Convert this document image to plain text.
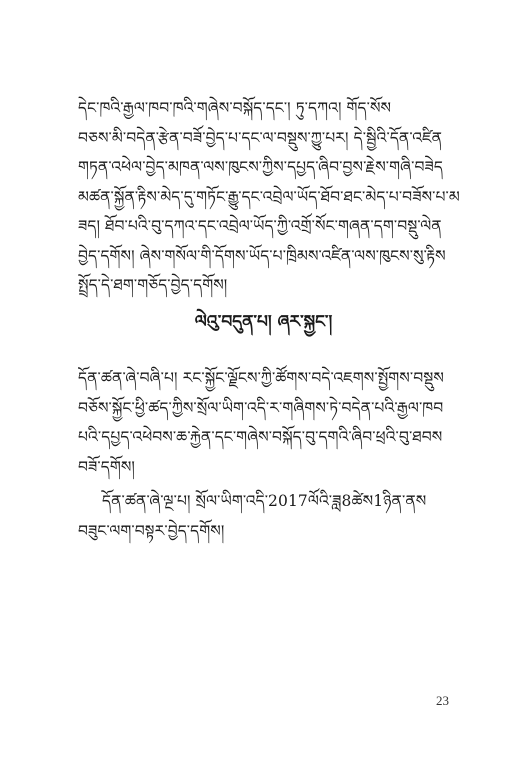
དེང་ཁའི་རྒྱལ་ཁབ་ཁའི་གཞེས་བསྐོད་དང་། ཏུ་དཀའ། གོད་སོས
བཅས་མི་བདེན་རྩེན་བཟོ་བྱེད་པ་དང་ལ་བསྡུས་ཀྱུ་པར། དེ་སྦྱིའི་དོན་འཛིན
གཏན་འཕེལ་བྱེད་མཁན་ལས་ཁུངས་ཀྱིས་དཔྱད་ཞིབ་བྱས་རྗེས་གཞི་བཟེད
མཚན་སྐྱོན་རྟིས་མེད་དུ་གཏོང་རྒྱུ་དང་འབྲེལ་ཡོད་ཐོབ་ཐང་མེད་པ་བཟོས་པ་མ
ཟད། ཐོབ་པའི་བུ་དཀའ་དང་འབྲེལ་ཡོད་ཀྱི་འགྲོ་སོང་གཞན་དག་བསྡུ་ལེན
བྱེད་དགོས། ཞེས་གསོལ་གི་དོགས་ཡོད་པ་ཁྲིམས་འཛིན་ལས་ཁུངས་སུ་རྟིས
སྤྲོད་དེ་ཐག་གཅོད་བྱེད་དགོས།
ལེའུ་བདུན་པ། ཞར་སྐྱང་།
དོན་ཚན་ཞེ་བཞི་པ། རང་སྐྱོང་ལྗོངས་ཀྱི་ཚོགས་བདེ་འཇགས་སྤྱོགས་བསྡུས
བཅོས་སྐྱོང་ཕྱི་ཚད་ཀྱིས་སྲོལ་ཡིག་འདི་ར་གཞིགས་ཏེ་བདེན་པའི་རྒྱལ་ཁབ
པའི་དཔྱད་འཕེབས་ཆ་རྐྱེན་དང་གཞེས་བསྐོད་བུ་དགའི་ཞིབ་ཕྲའི་བུ་ཐབས
བཟོ་དགོས།
དོན་ཚན་ཞེ་ལྔ་པ། སྲོལ་ཡིག་འདི་2017ལོའི་ཟླ8ཚེས1ཉིན་ནས
བཟུང་ལག་བསྟར་བྱེད་དགོས།
23
